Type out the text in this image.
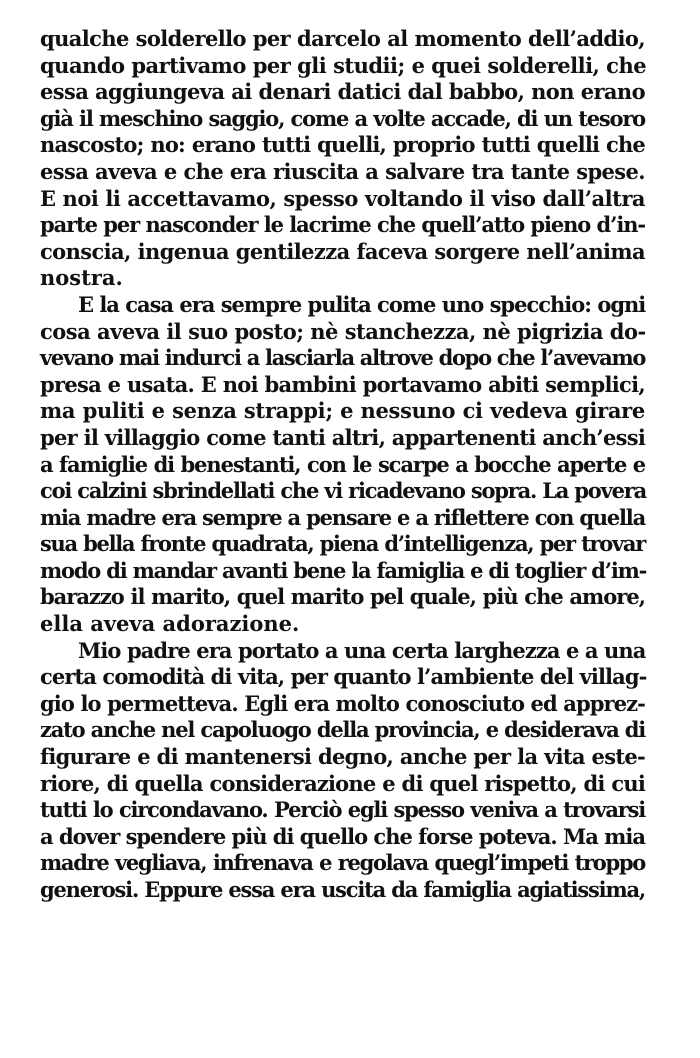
qualche solderello per darcelo al momento dell’addio,
quando partivamo per gli studii; e quei solderelli, che
essa aggiungeva ai denari datici dal babbo, non erano
già il meschino saggio, come a volte accade, di un tesoro
nascosto; no: erano tutti quelli, proprio tutti quelli che
essa aveva e che era riuscita a salvare tra tante spese.
E noi li accettavamo, spesso voltando il viso dall’altra
parte per nasconder le lacrime che quell’atto pieno d’in-
conscia, ingenua gentilezza faceva sorgere nell’anima
nostra.
E la casa era sempre pulita come uno specchio: ogni
cosa aveva il suo posto; nè stanchezza, nè pigrizia do-
vevano mai indurci a lasciarla altrove dopo che l’avevamo
presa e usata. E noi bambini portavamo abiti semplici,
ma puliti e senza strappi; e nessuno ci vedeva girare
per il villaggio come tanti altri, appartenenti anch’essi
a famiglie di benestanti, con le scarpe a bocche aperte e
coi calzini sbrindellati che vi ricadevano sopra. La povera
mia madre era sempre a pensare e a riflettere con quella
sua bella fronte quadrata, piena d’intelligenza, per trovar
modo di mandar avanti bene la famiglia e di toglier d’im-
barazzo il marito, quel marito pel quale, più che amore,
ella aveva adorazione.
Mio padre era portato a una certa larghezza e a una
certa comodità di vita, per quanto l’ambiente del villag-
gio lo permetteva. Egli era molto conosciuto ed apprez-
zato anche nel capoluogo della provincia, e desiderava di
figurare e di mantenersi degno, anche per la vita este-
riore, di quella considerazione e di quel rispetto, di cui
tutti lo circondavano. Perciò egli spesso veniva a trovarsi
a dover spendere più di quello che forse poteva. Ma mia
madre vegliava, infrenava e regolava quegl’impeti troppo
generosi. Eppure essa era uscita da famiglia agiatissima,
